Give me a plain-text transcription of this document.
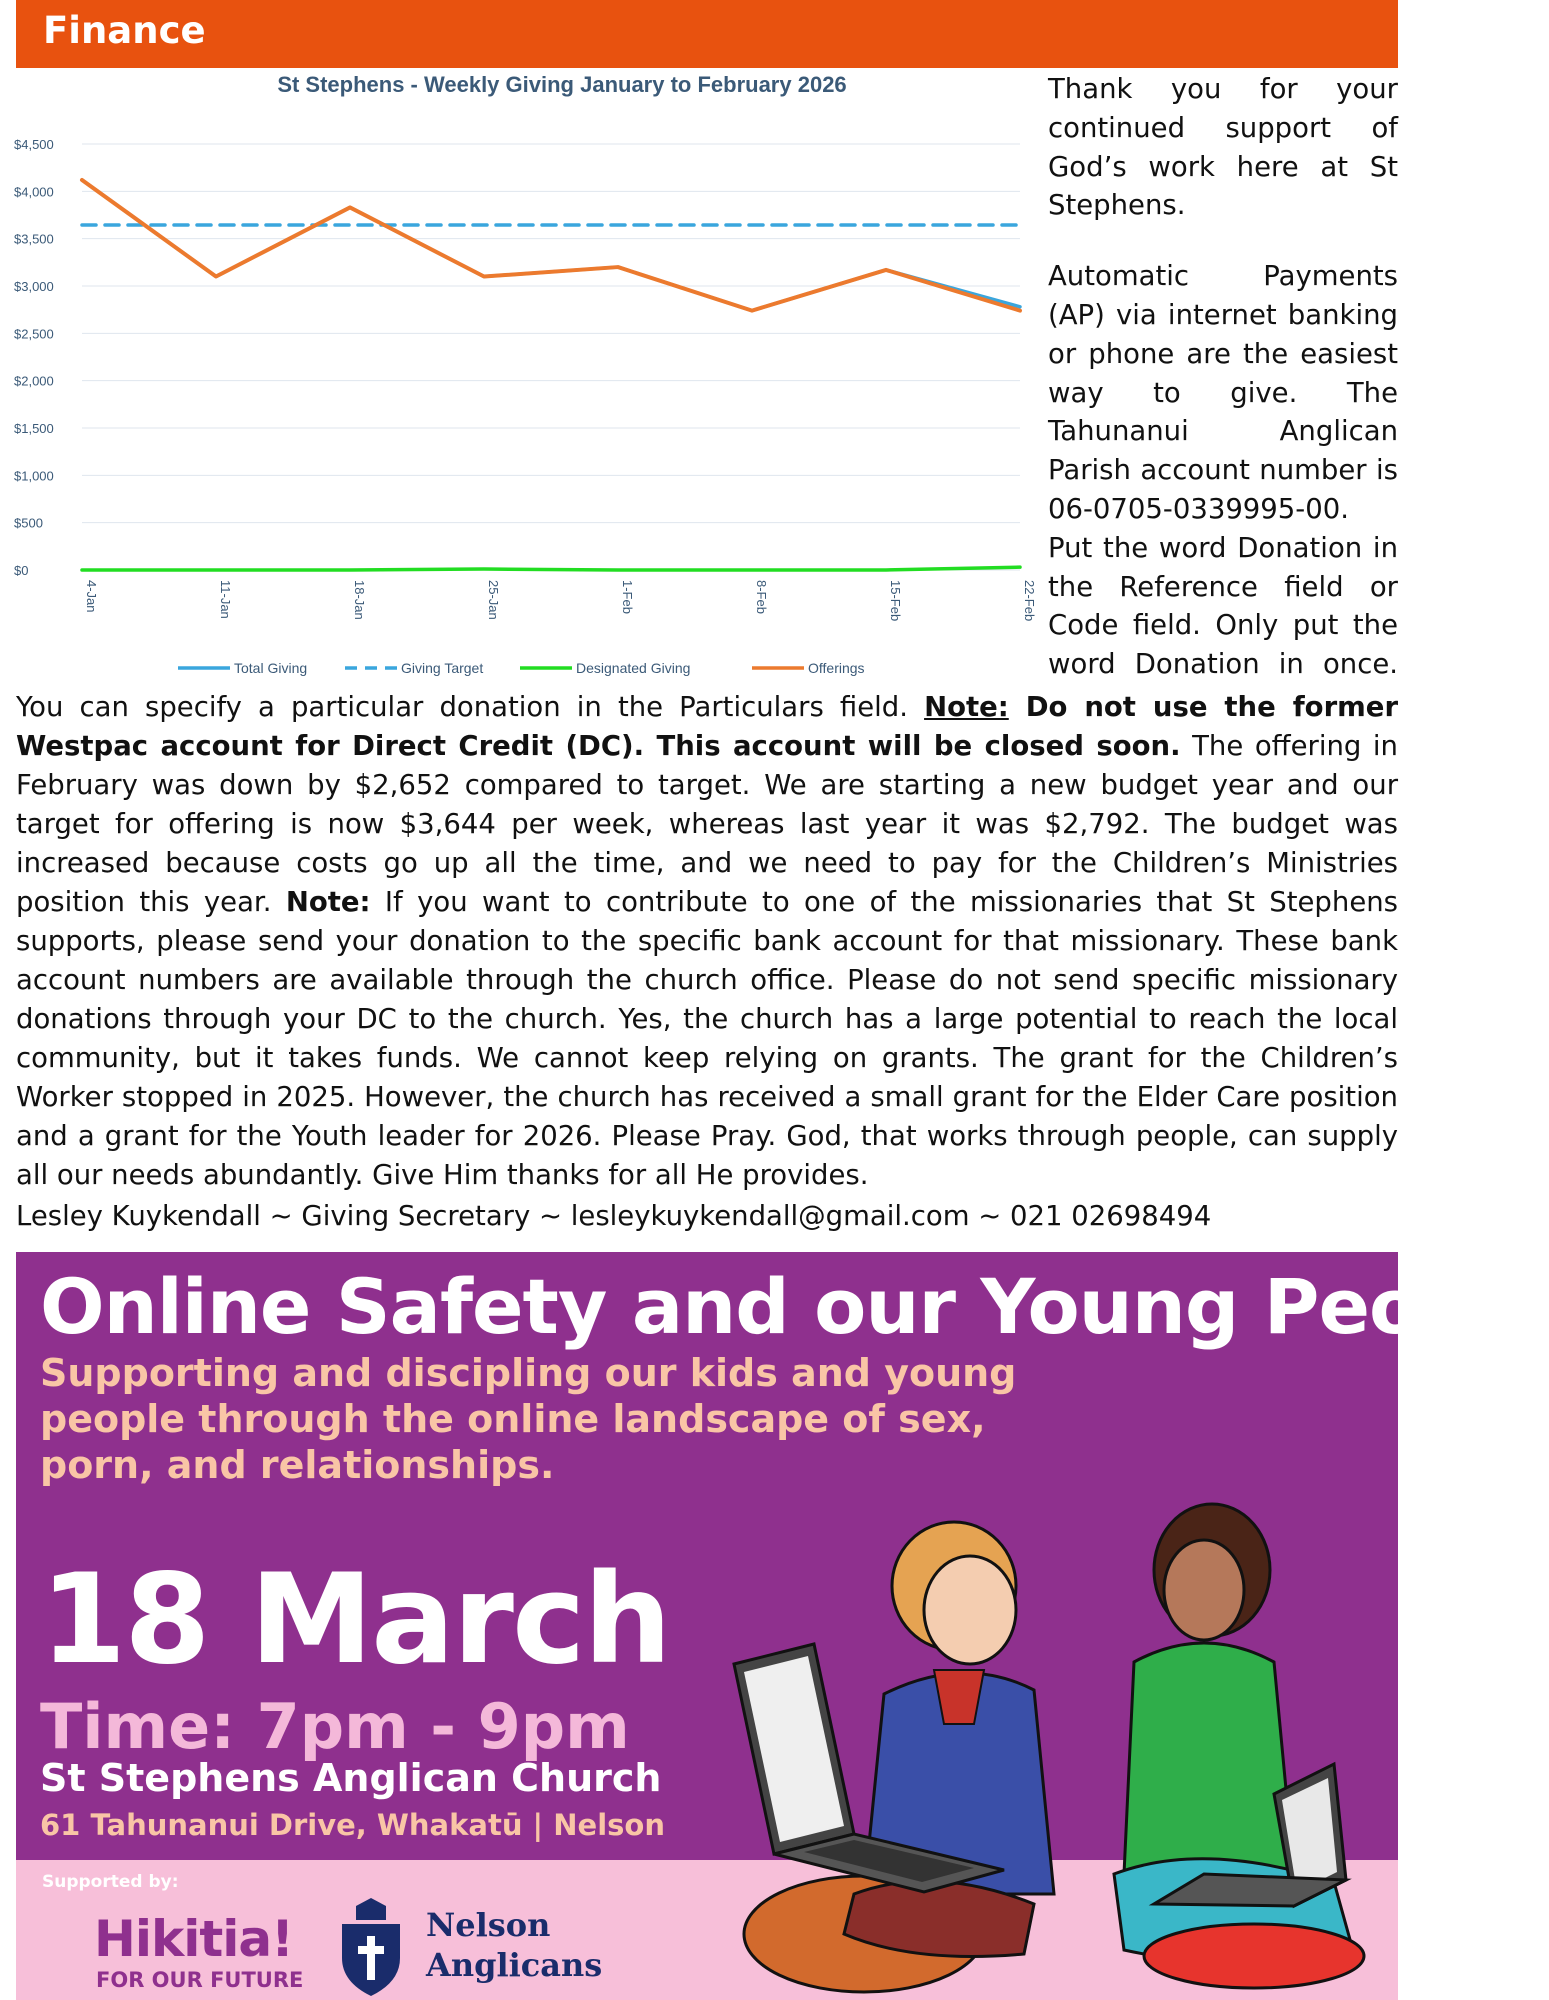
Finance
St Stephens - Weekly Giving January to February 2026
$0
$500
$1,000
$1,500
$2,000
$2,500
$3,000
$3,500
$4,000
$4,500
4-Jan	11-Jan	18-Jan	25-Jan	1-Feb	8-Feb	15-Feb	22-Feb
Total Giving	Giving Target	Designated Giving	Offerings

Thank you for your continued support of God’s work here at St Stephens.

Automatic Payments (AP) via internet banking or phone are the easiest way to give. The Tahunanui Anglican Parish account number is 06-0705-0339995-00. Put the word Donation in the Reference field or Code field. Only put the word Donation in once.

You can specify a particular donation in the Particulars field. Note: Do not use the former Westpac account for Direct Credit (DC). This account will be closed soon. The offering in February was down by $2,652 compared to target. We are starting a new budget year and our target for offering is now $3,644 per week, whereas last year it was $2,792. The budget was increased because costs go up all the time, and we need to pay for the Children’s Ministries position this year. Note: If you want to contribute to one of the missionaries that St Stephens supports, please send your donation to the specific bank account for that missionary. These bank account numbers are available through the church office. Please do not send specific missionary donations through your DC to the church. Yes, the church has a large potential to reach the local community, but it takes funds. We cannot keep relying on grants. The grant for the Children’s Worker stopped in 2025. However, the church has received a small grant for the Elder Care position and a grant for the Youth leader for 2026. Please Pray. God, that works through people, can supply all our needs abundantly. Give Him thanks for all He provides.
Lesley Kuykendall ~ Giving Secretary ~ lesleykuykendall@gmail.com ~ 021 02698494
Online Safety and our Young People
Supporting and discipling our kids and young people through the online landscape of sex, porn, and relationships.
18 March
Time: 7pm - 9pm
St Stephens Anglican Church
61 Tahunanui Drive, Whakatū | Nelson
Supported by:
Hikitia!
FOR OUR FUTURE
Nelson
Anglicans
